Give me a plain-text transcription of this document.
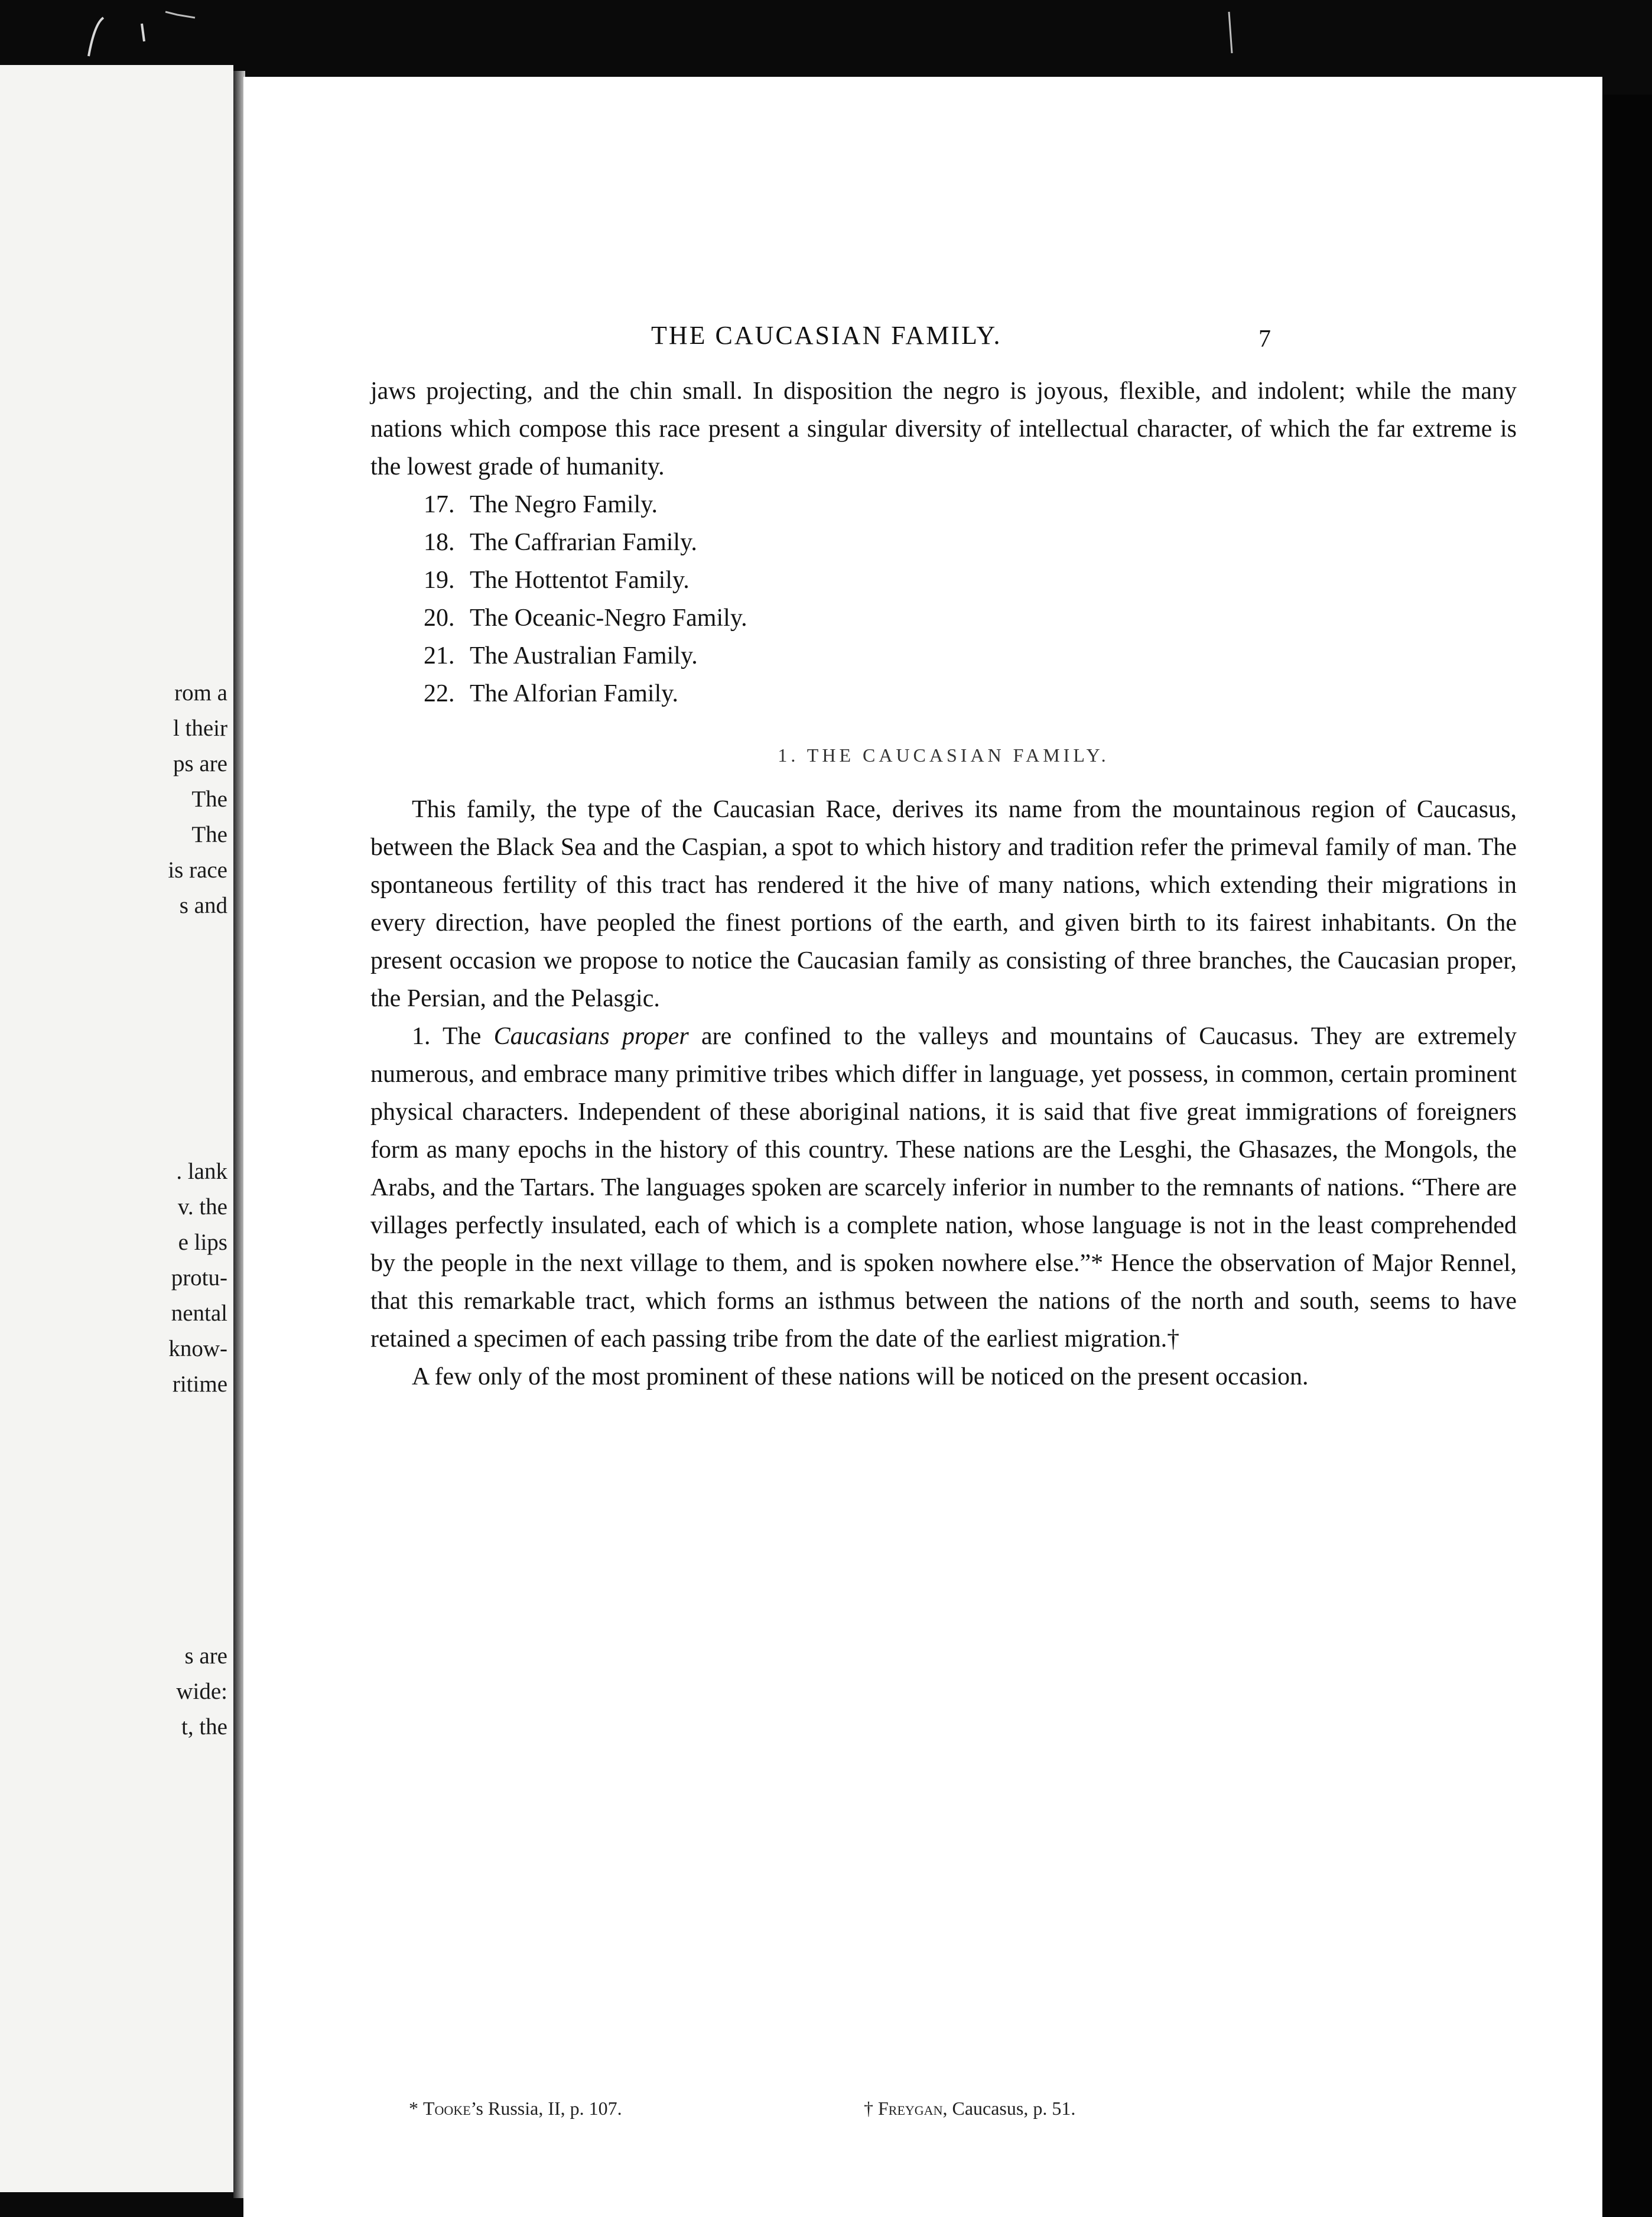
rom a
l their
ps are
The
The
is race
s and
. lank
v. the
e lips
protu-
nental
know-
ritime
s are
wide:
t, the
THE CAUCASIAN FAMILY.	7

jaws projecting, and the chin small. In disposition the negro is joyous, flexible, and indolent; while the many nations which compose this race present a singular diversity of intellectual character, of which the far extreme is the lowest grade of humanity.

17. The Negro Family.
18. The Caffrarian Family.
19. The Hottentot Family.
20. The Oceanic-Negro Family.
21. The Australian Family.
22. The Alforian Family.
1. THE CAUCASIAN FAMILY.

This family, the type of the Caucasian Race, derives its name from the mountainous region of Caucasus, between the Black Sea and the Caspian, a spot to which history and tradition refer the primeval family of man. The spontaneous fertility of this tract has rendered it the hive of many nations, which extending their migrations in every direction, have peopled the finest portions of the earth, and given birth to its fairest inhabitants. On the present occasion we propose to notice the Caucasian family as consisting of three branches, the Caucasian proper, the Persian, and the Pelasgic.

1. The Caucasians proper are confined to the valleys and mountains of Caucasus. They are extremely numerous, and embrace many primitive tribes which differ in language, yet possess, in common, certain prominent physical characters. Independent of these aboriginal nations, it is said that five great immigrations of foreigners form as many epochs in the history of this country. These nations are the Lesghi, the Ghasazes, the Mongols, the Arabs, and the Tartars. The languages spoken are scarcely inferior in number to the remnants of nations. “There are villages perfectly insulated, each of which is a complete nation, whose language is not in the least comprehended by the people in the next village to them, and is spoken nowhere else.”* Hence the observation of Major Rennel, that this remarkable tract, which forms an isthmus between the nations of the north and south, seems to have retained a specimen of each passing tribe from the date of the earliest migration.†

A few only of the most prominent of these nations will be noticed on the present occasion.

* Tooke’s Russia, II, p. 107.	† Freygan, Caucasus, p. 51.
